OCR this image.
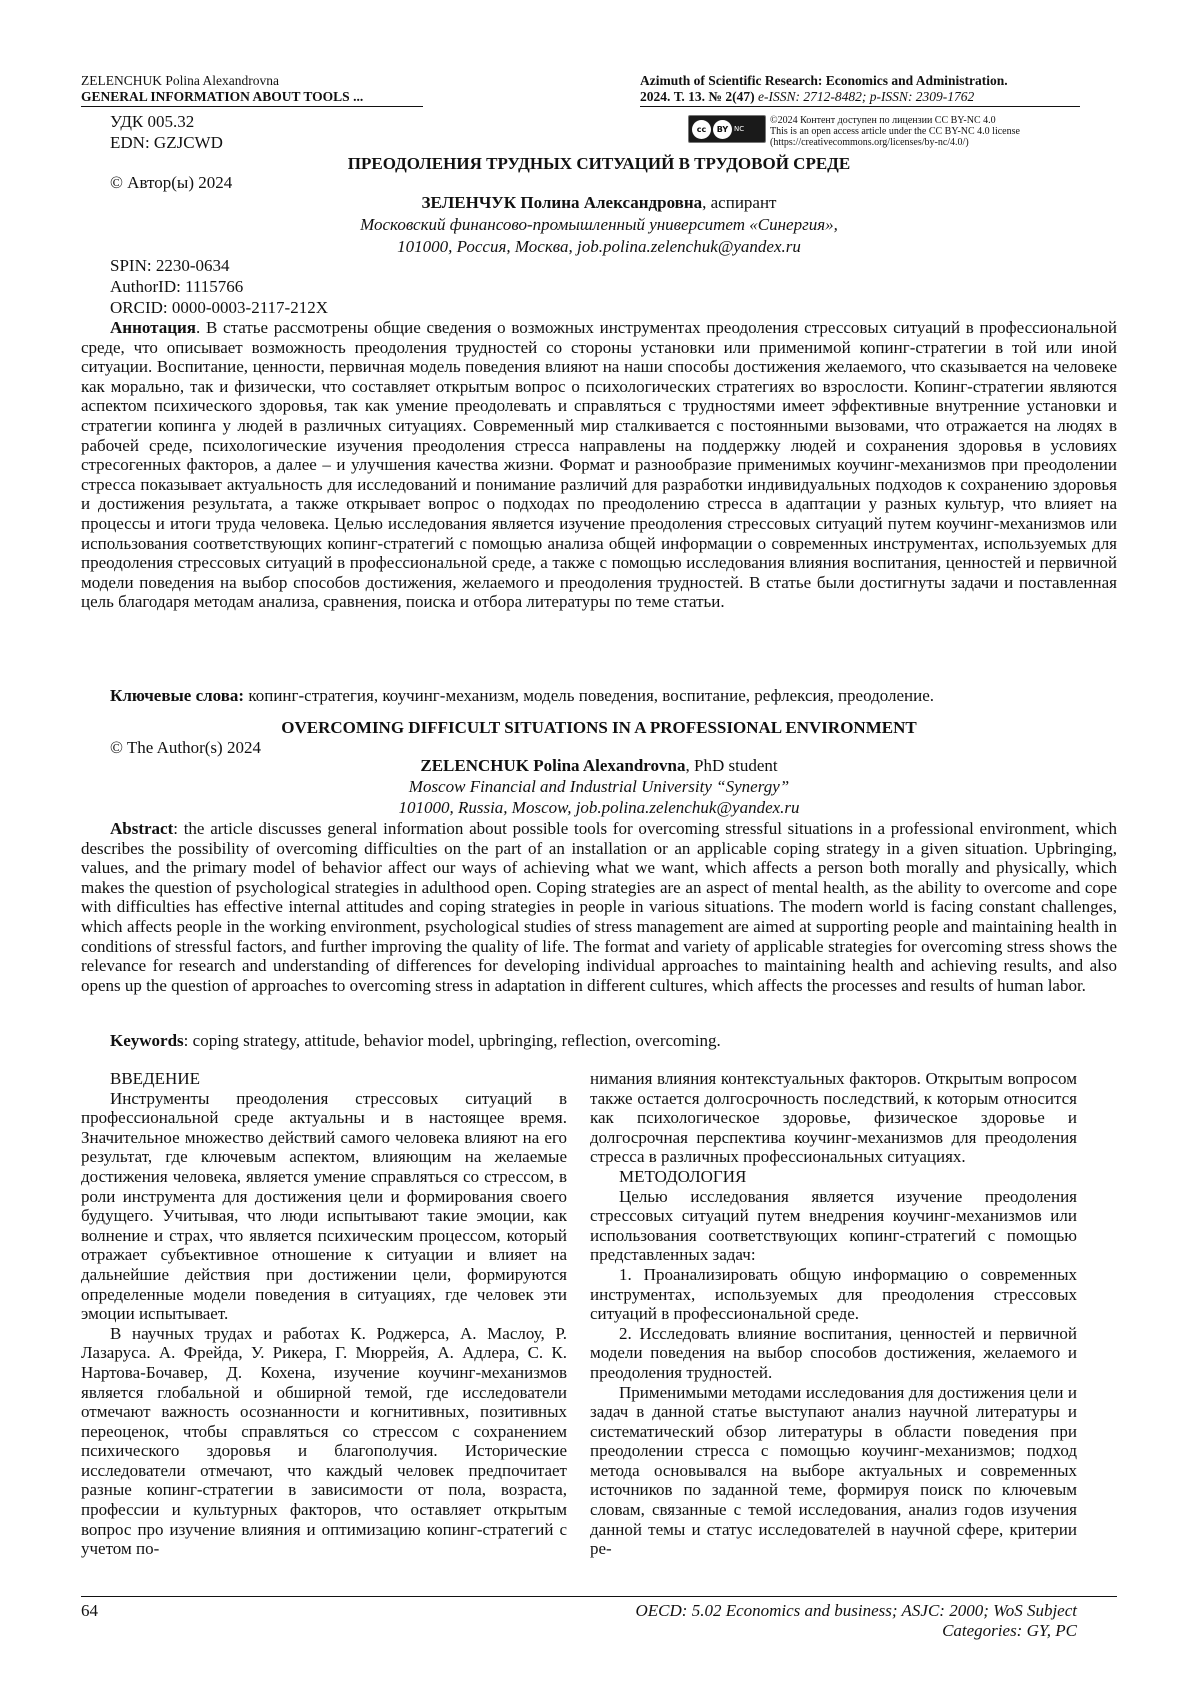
ZELENCHUK Polina Alexandrovna
GENERAL INFORMATION ABOUT TOOLS ...
Azimuth of Scientific Research: Economics and Administration.
2024. Т. 13. № 2(47) e-ISSN: 2712-8482; p-ISSN: 2309-1762
cc	BY NC
©2024 Контент доступен по лицензии CC BY-NC 4.0
This is an open access article under the CC BY-NC 4.0 license
(https://creativecommons.org/licenses/by-nc/4.0/)
УДК 005.32
EDN: GZJCWD
© Автор(ы) 2024
ПРЕОДОЛЕНИЯ ТРУДНЫХ СИТУАЦИЙ В ТРУДОВОЙ СРЕДЕ
ЗЕЛЕНЧУК Полина Александровна, аспирант
Московский финансово-промышленный университет «Синергия»,
101000, Россия, Москва, job.polina.zelenchuk@yandex.ru
SPIN: 2230-0634
AuthorID: 1115766
ORCID: 0000-0003-2117-212X
Аннотация. В статье рассмотрены общие сведения о возможных инструментах преодоления стрессовых ситуаций в профессиональной среде, что описывает возможность преодоления трудностей со стороны установки или применимой копинг-стратегии в той или иной ситуации. Воспитание, ценности, первичная модель поведения влияют на наши способы достижения желаемого, что сказывается на человеке как морально, так и физически, что составляет открытым вопрос о психологических стратегиях во взрослости. Копинг-стратегии являются аспектом психического здоровья, так как умение преодолевать и справляться с трудностями имеет эффективные внутренние установки и стратегии копинга у людей в различных ситуациях. Современный мир сталкивается с постоянными вызовами, что отражается на людях в рабочей среде, психологические изучения преодоления стресса направлены на поддержку людей и сохранения здоровья в условиях стресогенных факторов, а далее – и улучшения качества жизни. Формат и разнообразие применимых коучинг-механизмов при преодолении стресса показывает актуальность для исследований и понимание различий для разработки индивидуальных подходов к сохранению здоровья и достижения результата, а также открывает вопрос о подходах по преодолению стресса в адаптации у разных культур, что влияет на процессы и итоги труда человека. Целью исследования является изучение преодоления стрессовых ситуаций путем коучинг-механизмов или использования соответствующих копинг-стратегий с помощью анализа общей информации о современных инструментах, используемых для преодоления стрессовых ситуаций в профессиональной среде, а также с помощью исследования влияния воспитания, ценностей и первичной модели поведения на выбор способов достижения, желаемого и преодоления трудностей. В статье были достигнуты задачи и поставленная цель благодаря методам анализа, сравнения, поиска и отбора литературы по теме статьи.
Ключевые слова: копинг-стратегия, коучинг-механизм, модель поведения, воспитание, рефлексия, преодоление.
OVERCOMING DIFFICULT SITUATIONS IN A PROFESSIONAL ENVIRONMENT
© The Author(s) 2024
ZELENCHUK Polina Alexandrovna, PhD student
Moscow Financial and Industrial University “Synergy”
101000, Russia, Moscow, job.polina.zelenchuk@yandex.ru
Abstract: the article discusses general information about possible tools for overcoming stressful situations in a professional environment, which describes the possibility of overcoming difficulties on the part of an installation or an applicable coping strategy in a given situation. Upbringing, values, and the primary model of behavior affect our ways of achieving what we want, which affects a person both morally and physically, which makes the question of psychological strategies in adulthood open. Coping strategies are an aspect of mental health, as the ability to overcome and cope with difficulties has effective internal attitudes and coping strategies in people in various situations. The modern world is facing constant challenges, which affects people in the working environment, psychological studies of stress management are aimed at supporting people and maintaining health in conditions of stressful factors, and further improving the quality of life. The format and variety of applicable strategies for overcoming stress shows the relevance for research and understanding of differences for developing individual approaches to maintaining health and achieving results, and also opens up the question of approaches to overcoming stress in adaptation in different cultures, which affects the processes and results of human labor.
Keywords: coping strategy, attitude, behavior model, upbringing, reflection, overcoming.
ВВЕДЕНИЕ

Инструменты преодоления стрессовых ситуаций в профессиональной среде актуальны и в настоящее время. Значительное множество действий самого человека влияют на его результат, где ключевым аспектом, влияющим на желаемые достижения человека, является умение справляться со стрессом, в роли инструмента для достижения цели и формирования своего будущего. Учитывая, что люди испытывают такие эмоции, как волнение и страх, что является психическим процессом, который отражает субъективное отношение к ситуации и влияет на дальнейшие действия при достижении цели, формируются определенные модели поведения в ситуациях, где человек эти эмоции испытывает.

В научных трудах и работах К. Роджерса, А. Маслоу, Р. Лазаруса. А. Фрейда, У. Рикера, Г. Мюррейя, А. Адлера, С. К. Нартова-Бочавер, Д. Кохена, изучение коучинг-механизмов является глобальной и обширной темой, где исследователи отмечают важность осознанности и когнитивных, позитивных переоценок, чтобы справляться со стрессом с сохранением психического здоровья и благополучия. Исторические исследователи отмечают, что каждый человек предпочитает разные копинг-стратегии в зависимости от пола, возраста, профессии и культурных факторов, что оставляет открытым вопрос про изучение влияния и оптимизацию копинг-стратегий с учетом по-

нимания влияния контекстуальных факторов. Открытым вопросом также остается долгосрочность последствий, к которым относится как психологическое здоровье, физическое здоровье и долгосрочная перспектива коучинг-механизмов для преодоления стресса в различных профессиональных ситуациях.

МЕТОДОЛОГИЯ

Целью исследования является изучение преодоления стрессовых ситуаций путем внедрения коучинг-механизмов или использования соответствующих копинг-стратегий с помощью представленных задач:

1. Проанализировать общую информацию о современных инструментах, используемых для преодоления стрессовых ситуаций в профессиональной среде.

2. Исследовать влияние воспитания, ценностей и первичной модели поведения на выбор способов достижения, желаемого и преодоления трудностей.

Применимыми методами исследования для достижения цели и задач в данной статье выступают анализ научной литературы и систематический обзор литературы в области поведения при преодолении стресса с помощью коучинг-механизмов; подход метода основывался на выборе актуальных и современных источников по заданной теме, формируя поиск по ключевым словам, связанные с темой исследования, анализ годов изучения данной темы и статус исследователей в научной сфере, критерии ре-

64	OECD: 5.02 Economics and business; ASJC: 2000; WoS Subject Categories: GY, PC
